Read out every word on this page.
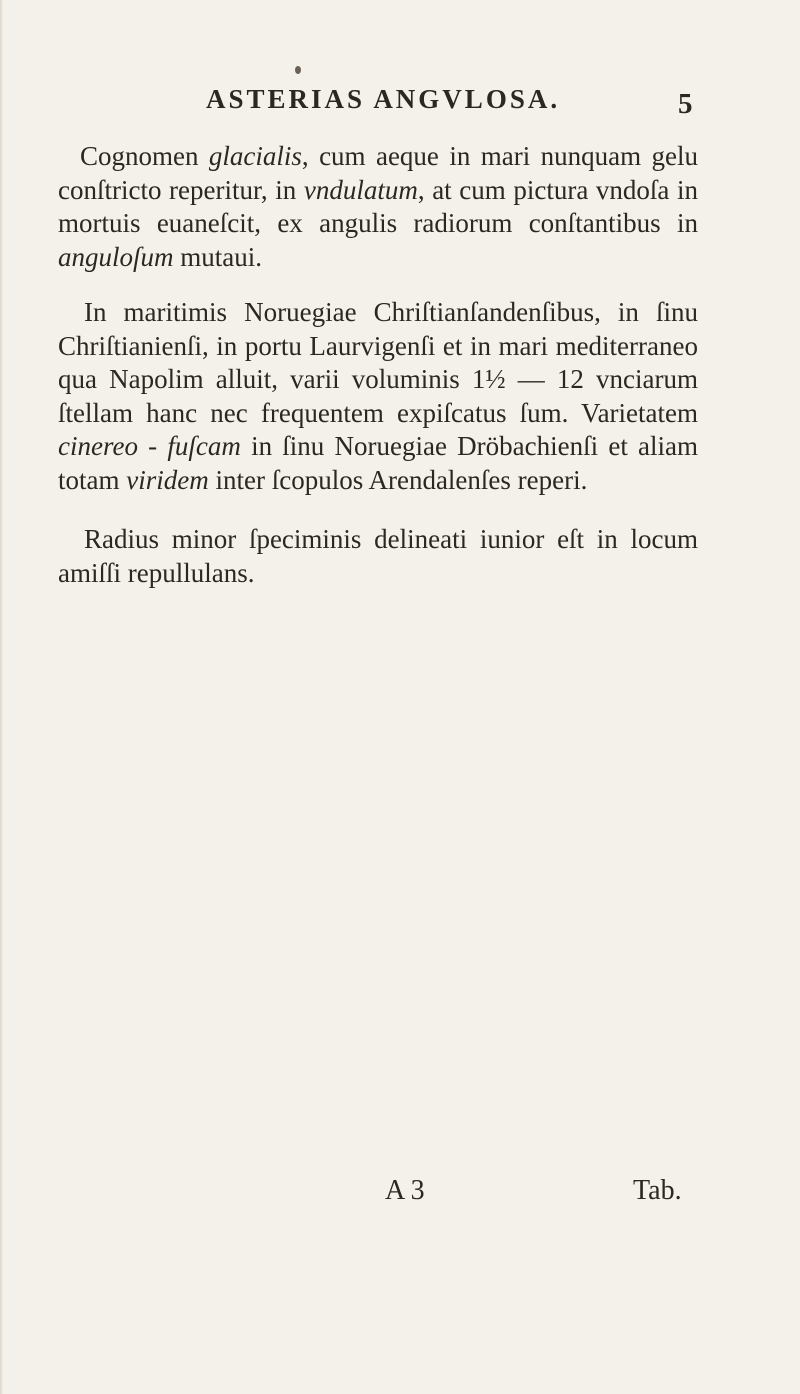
ASTERIAS ANGVLOSA.	5

Cognomen glacialis, cum aeque in mari nunquam gelu conſtricto reperitur, in vndulatum, at cum pictura vndoſa in mortuis euaneſcit, ex angulis radiorum conſtantibus in anguloſum mutaui.

In maritimis Noruegiae Chriſtianſandenſibus, in ſinu Chriſtianienſi, in portu Laurvigenſi et in mari mediterraneo qua Napolim alluit, varii voluminis 1½ — 12 vnciarum ſtellam hanc nec frequentem expiſcatus ſum. Varietatem cinereo - fuſcam in ſinu Noruegiae Dröbachienſi et aliam totam viridem inter ſcopulos Arendalenſes reperi.

Radius minor ſpeciminis delineati iunior eſt in locum amiſſi repullulans.

A 3	Tab.
